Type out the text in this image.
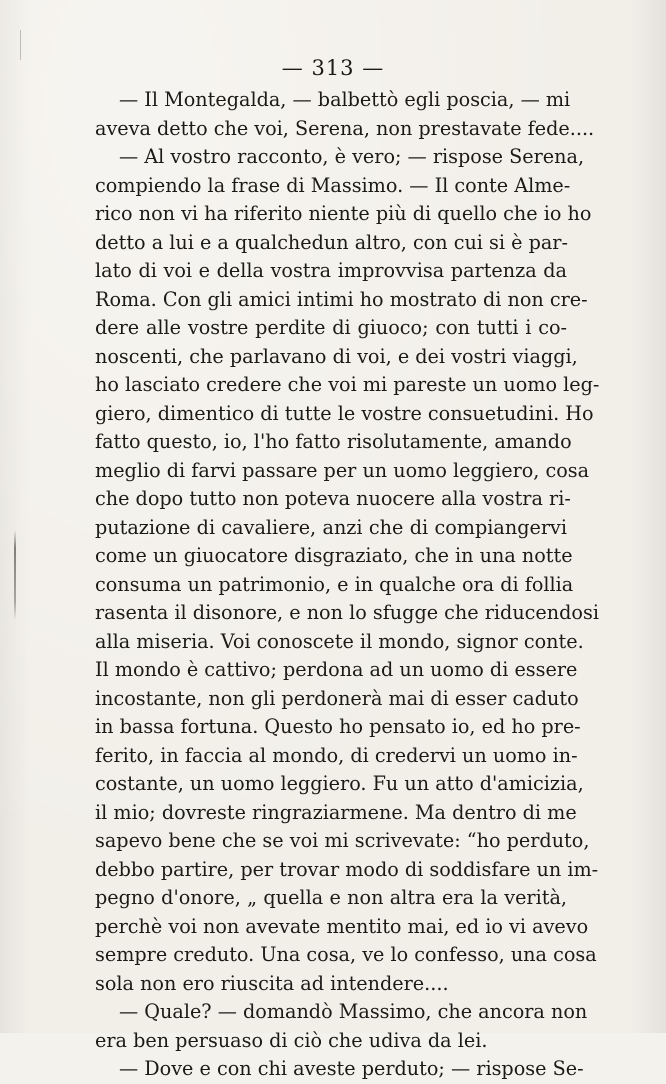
— 313 —
— Il Montegalda, — balbettò egli poscia, — mi
aveva detto che voi, Serena, non prestavate fede....
— Al vostro racconto, è vero; — rispose Serena,
compiendo la frase di Massimo. — Il conte Alme-
rico non vi ha riferito niente più di quello che io ho
detto a lui e a qualchedun altro, con cui si è par-
lato di voi e della vostra improvvisa partenza da
Roma. Con gli amici intimi ho mostrato di non cre-
dere alle vostre perdite di giuoco; con tutti i co-
noscenti, che parlavano di voi, e dei vostri viaggi,
ho lasciato credere che voi mi pareste un uomo leg-
giero, dimentico di tutte le vostre consuetudini. Ho
fatto questo, io, l'ho fatto risolutamente, amando
meglio di farvi passare per un uomo leggiero, cosa
che dopo tutto non poteva nuocere alla vostra ri-
putazione di cavaliere, anzi che di compiangervi
come un giuocatore disgraziato, che in una notte
consuma un patrimonio, e in qualche ora di follia
rasenta il disonore, e non lo sfugge che riducendosi
alla miseria. Voi conoscete il mondo, signor conte.
Il mondo è cattivo; perdona ad un uomo di essere
incostante, non gli perdonerà mai di esser caduto
in bassa fortuna. Questo ho pensato io, ed ho pre-
ferito, in faccia al mondo, di credervi un uomo in-
costante, un uomo leggiero. Fu un atto d'amicizia,
il mio; dovreste ringraziarmene. Ma dentro di me
sapevo bene che se voi mi scrivevate: “ho perduto,
debbo partire, per trovar modo di soddisfare un im-
pegno d'onore, „ quella e non altra era la verità,
perchè voi non avevate mentito mai, ed io vi avevo
sempre creduto. Una cosa, ve lo confesso, una cosa
sola non ero riuscita ad intendere....
— Quale? — domandò Massimo, che ancora non
era ben persuaso di ciò che udiva da lei.
— Dove e con chi aveste perduto; — rispose Se-
